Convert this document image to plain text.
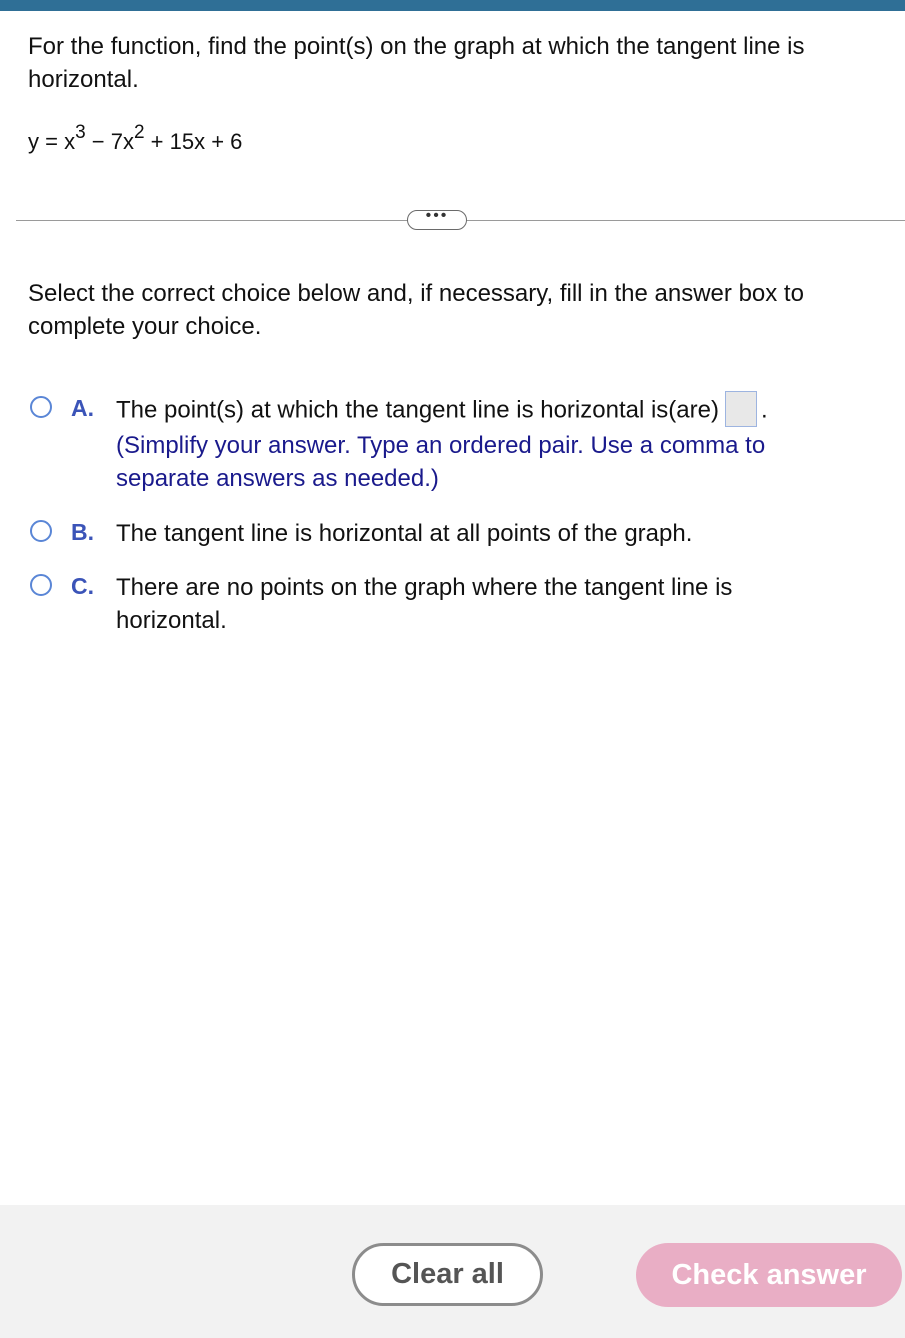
For the function, find the point(s) on the graph at which the tangent line is horizontal.
$y = x^3 - 7x^2 + 15x + 6$
•••
Select the correct choice below and, if necessary, fill in the answer box to complete your choice.
A. The point(s) at which the tangent line is horizontal is(are) .
(Simplify your answer. Type an ordered pair. Use a comma to separate answers as needed.)
B. The tangent line is horizontal at all points of the graph.
C. There are no points on the graph where the tangent line is horizontal.
Clear all	Check answer
